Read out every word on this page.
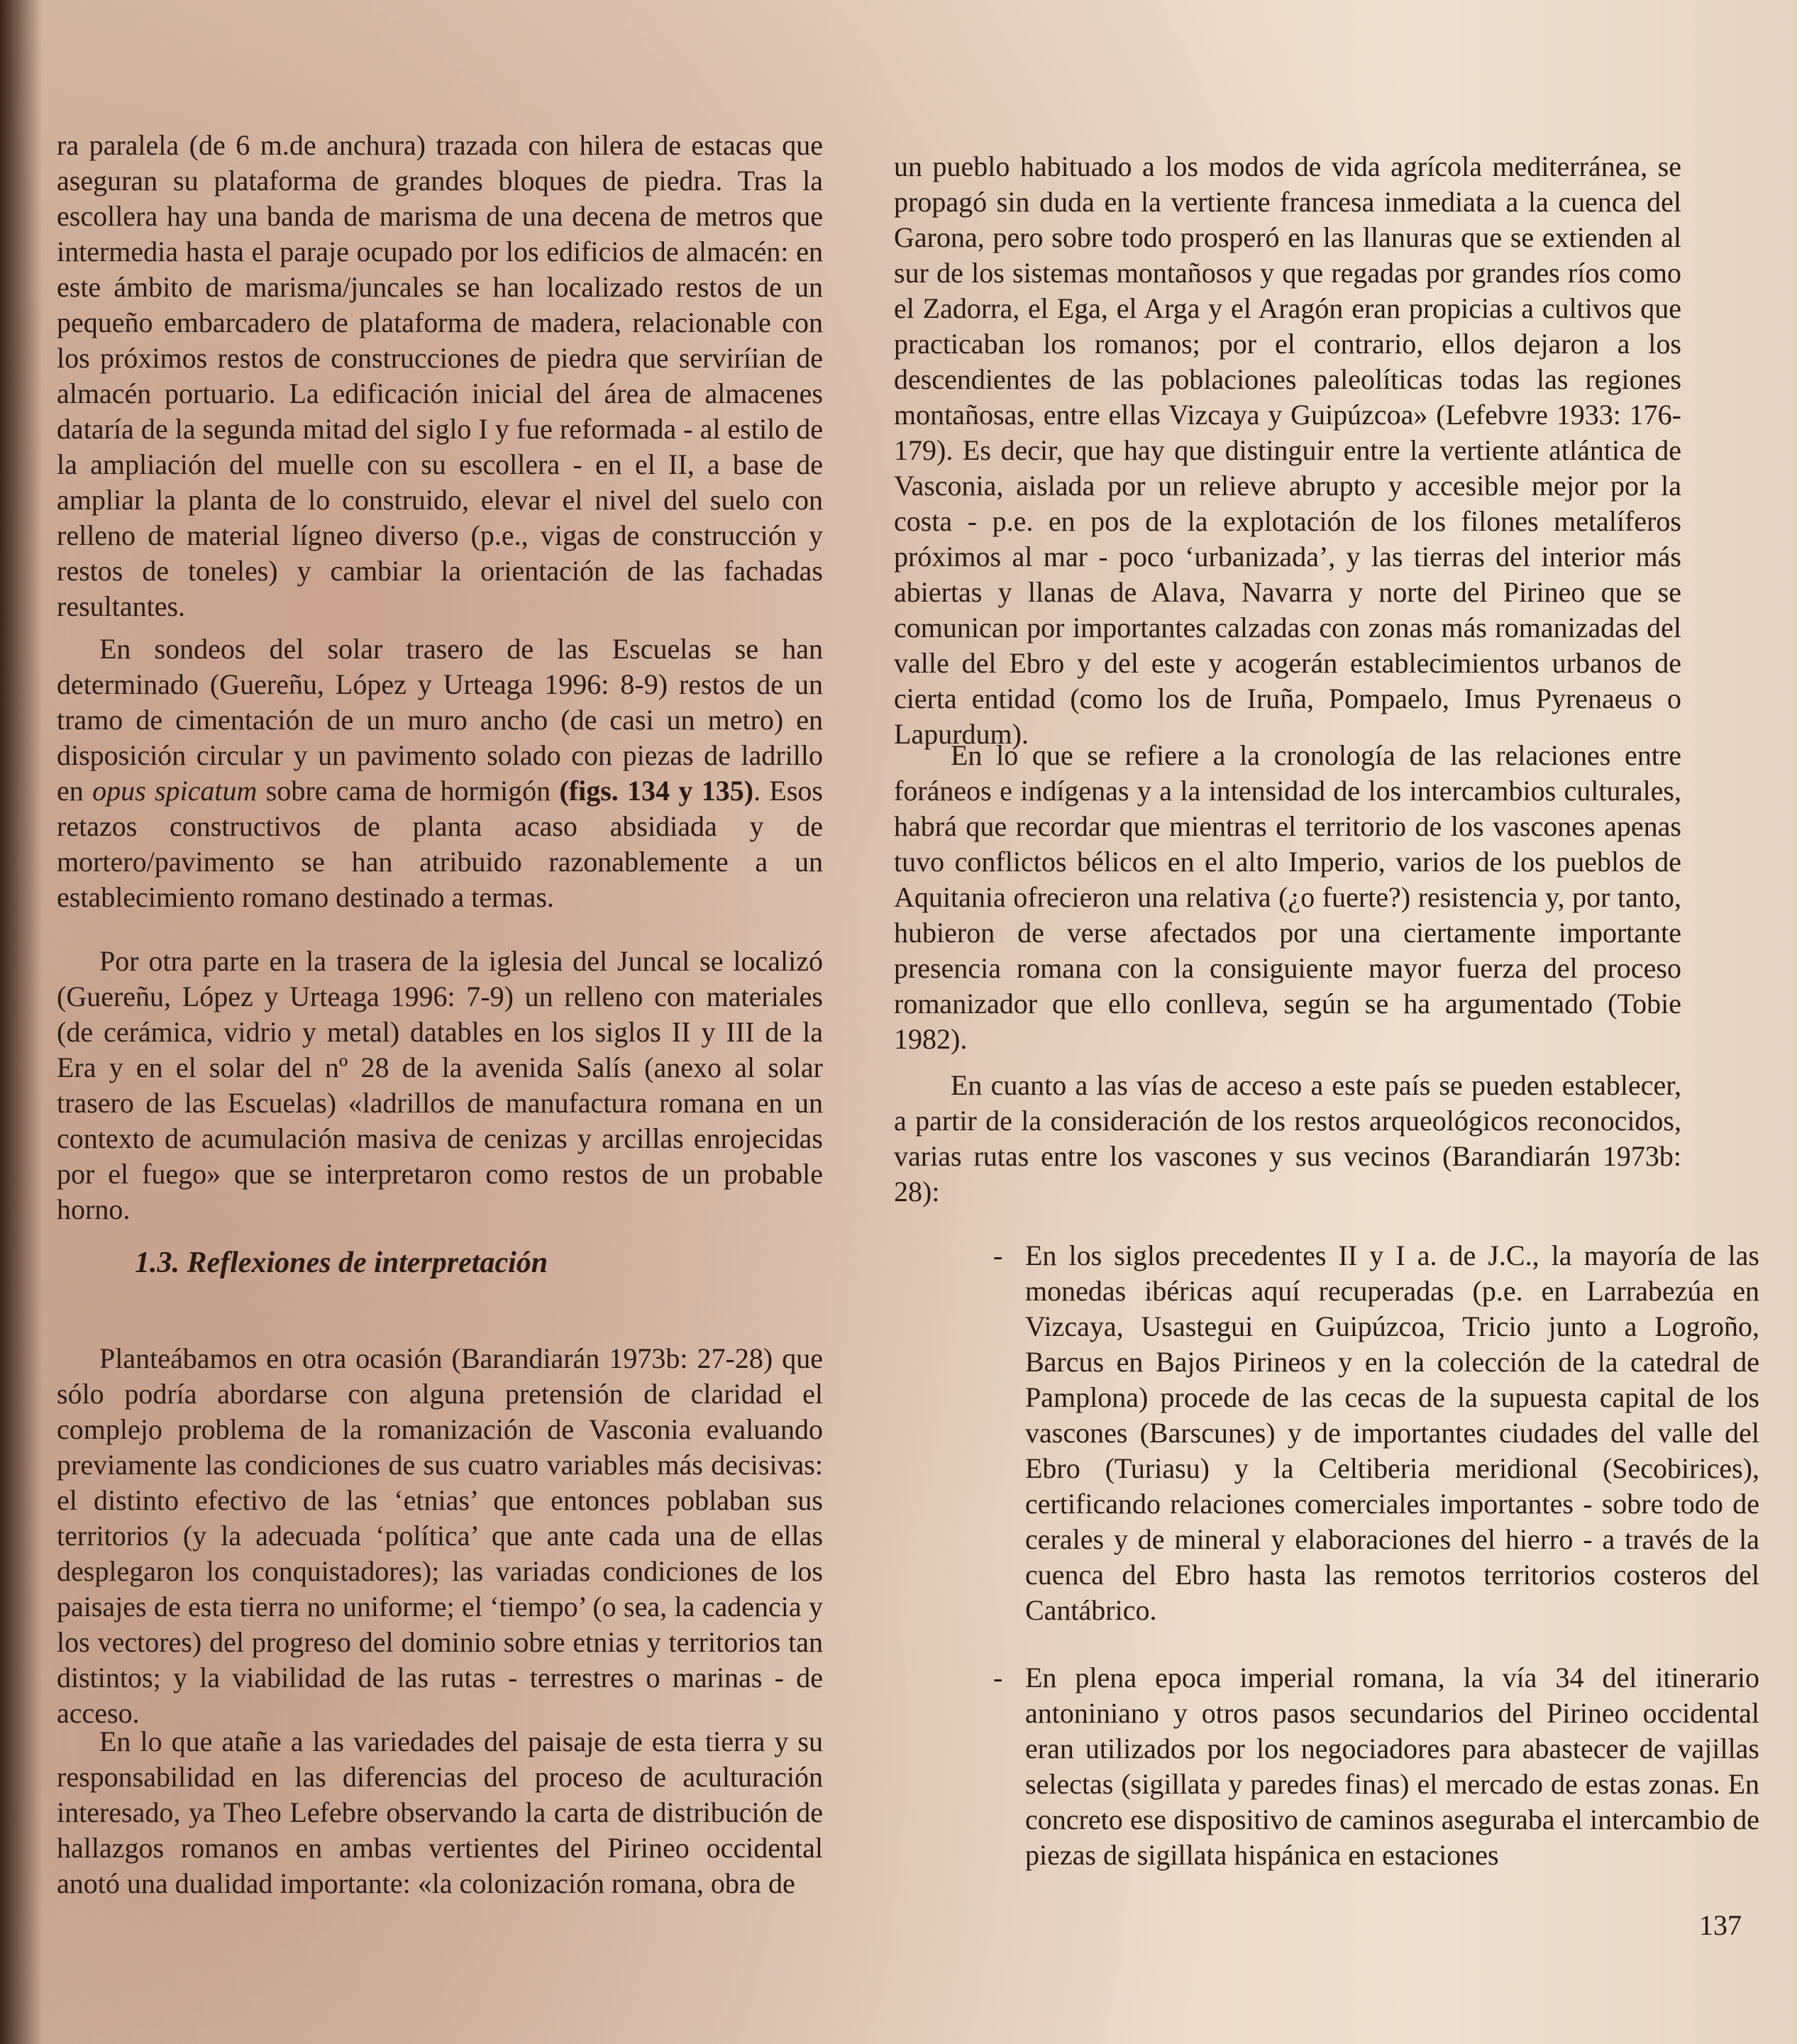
ra paralela (de 6 m.de anchura) trazada con hilera de estacas que aseguran su plataforma de grandes bloques de piedra. Tras la escollera hay una banda de marisma de una decena de metros que intermedia hasta el paraje ocupado por los edificios de almacén: en este ámbito de marisma/juncales se han localizado restos de un pequeño embarcadero de plataforma de madera, relacionable con los próximos restos de construcciones de piedra que serviríian de almacén portuario. La edificación inicial del área de almacenes dataría de la segunda mitad del siglo I y fue reformada - al estilo de la ampliación del muelle con su escollera - en el II, a base de ampliar la planta de lo construido, elevar el nivel del suelo con relleno de material lígneo diverso (p.e., vigas de construcción y restos de toneles) y cambiar la orientación de las fachadas resultantes.

En sondeos del solar trasero de las Escuelas se han determinado (Guereñu, López y Urteaga 1996: 8-9) restos de un tramo de cimentación de un muro ancho (de casi un metro) en disposición circular y un pavimento solado con piezas de ladrillo en opus spicatum sobre cama de hormigón (figs. 134 y 135). Esos retazos constructivos de planta acaso absidiada y de mortero/pavimento se han atribuido razonablemente a un establecimiento romano destinado a termas.

Por otra parte en la trasera de la iglesia del Juncal se localizó (Guereñu, López y Urteaga 1996: 7-9) un relleno con materiales (de cerámica, vidrio y metal) datables en los siglos II y III de la Era y en el solar del nº 28 de la avenida Salís (anexo al solar trasero de las Escuelas) «ladrillos de manufactura romana en un contexto de acumulación masiva de cenizas y arcillas enrojecidas por el fuego» que se interpretaron como restos de un probable horno.

1.3. Reflexiones de interpretación

Planteábamos en otra ocasión (Barandiarán 1973b: 27-28) que sólo podría abordarse con alguna pretensión de claridad el complejo problema de la romanización de Vasconia evaluando previamente las condiciones de sus cuatro variables más decisivas: el distinto efectivo de las ‘etnias’ que entonces poblaban sus territorios (y la adecuada ‘política’ que ante cada una de ellas desplegaron los conquistadores); las variadas condiciones de los paisajes de esta tierra no uniforme; el ‘tiempo’ (o sea, la cadencia y los vectores) del progreso del dominio sobre etnias y territorios tan distintos; y la viabilidad de las rutas - terrestres o marinas - de acceso.

En lo que atañe a las variedades del paisaje de esta tierra y su responsabilidad en las diferencias del proceso de aculturación interesado, ya Theo Lefebre observando la carta de distribución de hallazgos romanos en ambas vertientes del Pirineo occidental anotó una dualidad importante: «la colonización romana, obra de

un pueblo habituado a los modos de vida agrícola mediterránea, se propagó sin duda en la vertiente francesa inmediata a la cuenca del Garona, pero sobre todo prosperó en las llanuras que se extienden al sur de los sistemas montañosos y que regadas por grandes ríos como el Zadorra, el Ega, el Arga y el Aragón eran propicias a cultivos que practicaban los romanos; por el contrario, ellos dejaron a los descendientes de las poblaciones paleolíticas todas las regiones montañosas, entre ellas Vizcaya y Guipúzcoa» (Lefebvre 1933: 176-179). Es decir, que hay que distinguir entre la vertiente atlántica de Vasconia, aislada por un relieve abrupto y accesible mejor por la costa - p.e. en pos de la explotación de los filones metalíferos próximos al mar - poco ‘urbanizada’, y las tierras del interior más abiertas y llanas de Alava, Navarra y norte del Pirineo que se comunican por importantes calzadas con zonas más romanizadas del valle del Ebro y del este y acogerán establecimientos urbanos de cierta entidad (como los de Iruña, Pompaelo, Imus Pyrenaeus o Lapurdum).

En lo que se refiere a la cronología de las relaciones entre foráneos e indígenas y a la intensidad de los intercambios culturales, habrá que recordar que mientras el territorio de los vascones apenas tuvo conflictos bélicos en el alto Imperio, varios de los pueblos de Aquitania ofrecieron una relativa (¿o fuerte?) resistencia y, por tanto, hubieron de verse afectados por una ciertamente importante presencia romana con la consiguiente mayor fuerza del proceso romanizador que ello conlleva, según se ha argumentado (Tobie 1982).

En cuanto a las vías de acceso a este país se pueden establecer, a partir de la consideración de los restos arqueológicos reconocidos, varias rutas entre los vascones y sus vecinos (Barandiarán 1973b: 28):

- En los siglos precedentes II y I a. de J.C., la mayoría de las monedas ibéricas aquí recuperadas (p.e. en Larrabezúa en Vizcaya, Usastegui en Guipúzcoa, Tricio junto a Logroño, Barcus en Bajos Pirineos y en la colección de la catedral de Pamplona) procede de las cecas de la supuesta capital de los vascones (Barscunes) y de importantes ciudades del valle del Ebro (Turiasu) y la Celtiberia meridional (Secobirices), certificando relaciones comerciales importantes - sobre todo de cerales y de mineral y elaboraciones del hierro - a través de la cuenca del Ebro hasta las remotos territorios costeros del Cantábrico.

- En plena epoca imperial romana, la vía 34 del itinerario antoniniano y otros pasos secundarios del Pirineo occidental eran utilizados por los negociadores para abastecer de vajillas selectas (sigillata y paredes finas) el mercado de estas zonas. En concreto ese dispositivo de caminos aseguraba el intercambio de piezas de sigillata hispánica en estaciones

137
